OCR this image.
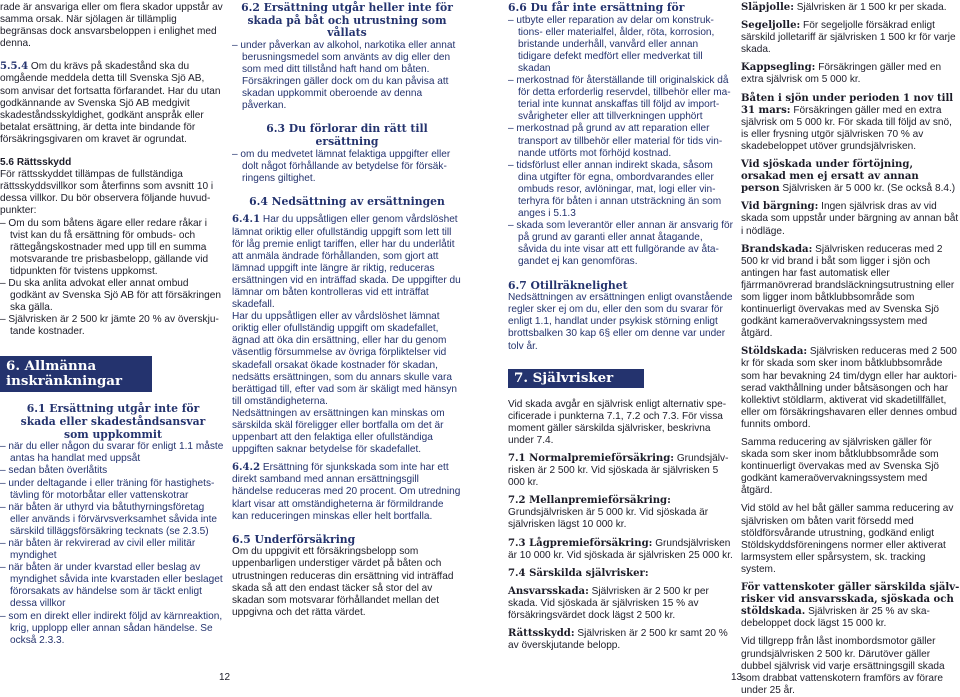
rade är ansvariga eller om flera skador uppstår av samma orsak. När sjölagen är tillämplig begränsas dock ansvarsbeloppen i enlighet med denna.

5.5.4 Om du krävs på skadestånd ska du omgående meddela detta till Svenska Sjö AB, som anvisar det fortsatta förfarandet. Har du utan godkännande av Svenska Sjö AB medgivit skadeståndsskyldighet, godkänt anspråk eller betalat ersättning, är detta inte bindande för försäkringsgivaren om kravet är ogrundat.

5.6 Rättsskydd

För rättsskyddet tillämpas de fullständiga rättsskyddsvillkor som återfinns som avsnitt 10 i dessa villkor. Du bör observera följande huvudpunkter:

– Om du som båtens ägare eller redare råkar i tvist kan du få ersättning för ombuds- och rättegångskostnader med upp till en summa motsvarande tre prisbasbelopp, gällande vid tidpunkten för tvistens uppkomst.

– Du ska anlita advokat eller annat ombud godkänt av Svenska Sjö AB för att försäkringen ska gälla.

– Självrisken är 2 500 kr jämte 20 % av överskjutande kostnader.

6. Allmänna inskränkningar

6.1 Ersättning utgår inte för skada eller skadeståndsansvar som uppkommit

– när du eller någon du svarar för enligt 1.1 måste antas ha handlat med uppsåt

– sedan båten överlåtits

– under deltagande i eller träning för hastighetstävling för motorbåtar eller vattenskotrar

– när båten är uthyrd via båtuthyrningsföretag eller används i förvärvsverksamhet såvida inte särskild tilläggsförsäkring tecknats (se 2.3.5)

– när båten är rekvirerad av civil eller militär myndighet

– när båten är under kvarstad eller beslag av myndighet såvida inte kvarstaden eller beslaget förorsakats av händelse som är täckt enligt dessa villkor

– som en direkt eller indirekt följd av kärnreaktion, krig, upplopp eller annan sådan händelse. Se också 2.3.3.

6.2 Ersättning utgår heller inte för skada på båt och utrustning som vållats

– under påverkan av alkohol, narkotika eller annat berusningsmedel som använts av dig eller den som med ditt tillstånd haft hand om båten. Försäkringen gäller dock om du kan påvisa att skadan uppkommit oberoende av denna påverkan.

6.3 Du förlorar din rätt till ersättning

– om du medvetet lämnat felaktiga uppgifter eller dolt något förhållande av betydelse för försäkringens giltighet.

6.4 Nedsättning av ersättningen

6.4.1 Har du uppsåtligen eller genom vårdslöshet lämnat oriktig eller ofullständig uppgift som lett till för låg premie enligt tariffen, eller har du underlåtit att anmäla ändrade förhållanden, som gjort att lämnad uppgift inte längre är riktig, reduceras ersättningen vid en inträffad skada. De uppgifter du lämnar om båten kontrolleras vid ett inträffat skadefall.

Har du uppsåtligen eller av vårdslöshet lämnat oriktig eller ofullständig uppgift om skadefallet, ägnad att öka din ersättning, eller har du genom väsentlig försummelse av övriga förpliktelser vid skadefall orsakat ökade kostnader för skadan, nedsätts ersättningen, som du annars skulle vara berättigad till, efter vad som är skäligt med hänsyn till omständigheterna.

Nedsättningen av ersättningen kan minskas om särskilda skäl föreligger eller bortfalla om det är uppenbart att den felaktiga eller ofullständiga uppgiften saknar betydelse för skadefallet.

6.4.2 Ersättning för sjunkskada som inte har ett direkt samband med annan ersättningsgill händelse reduceras med 20 procent. Om utredning klart visar att omständigheterna är förmildrande kan reduceringen minskas eller helt bortfalla.

6.5 Underförsäkring

Om du uppgivit ett försäkringsbelopp som uppenbarligen understiger värdet på båten och utrustningen reduceras din ersättning vid inträffad skada så att den endast täcker så stor del av skadan som motsvarar förhållandet mellan det uppgivna och det rätta värdet.

6.6 Du får inte ersättning för

– utbyte eller reparation av delar om konstruktions- eller materialfel, ålder, röta, korrosion, bristande underhåll, vanvård eller annan tidigare defekt medfört eller medverkat till skadan

– merkostnad för återställande till originalskick då för detta erforderlig reservdel, tillbehör eller material inte kunnat anskaffas till följd av importsvårigheter eller att tillverkningen upphört

– merkostnad på grund av att reparation eller transport av tillbehör eller material för tids vinnande utförts mot förhöjd kostnad.

– tidsförlust eller annan indirekt skada, såsom dina utgifter för egna, ombordvarandes eller ombuds resor, avlöningar, mat, logi eller vinterhyra för båten i annan utsträckning än som anges i 5.1.3

– skada som leverantör eller annan är ansvarig för på grund av garanti eller annat åtagande, såvida du inte visar att ett fullgörande av åtagandet ej kan genomföras.

6.7 Otillräknelighet

Nedsättningen av ersättningen enligt ovanstående regler sker ej om du, eller den som du svarar för enligt 1.1, handlat under psykisk störning enligt brottsbalken 30 kap 6§ eller om denne var under tolv år.

7. Självrisker

Vid skada avgår en självrisk enligt alternativ specificerade i punkterna 7.1, 7.2 och 7.3. För vissa moment gäller särskilda självrisker, beskrivna under 7.4.

7.1 Normalpremieförsäkring: Grundsjälvrisken är 2 500 kr. Vid sjöskada är självrisken 5 000 kr.

7.2 Mellanpremieförsäkring: Grundsjälvrisken är 5 000 kr. Vid sjöskada är självrisken lägst 10 000 kr.

7.3 Lågpremieförsäkring: Grundsjälvrisken är 10 000 kr. Vid sjöskada är självrisken 25 000 kr.

7.4 Särskilda självrisker:

Ansvarsskada: Självrisken är 2 500 kr per skada. Vid sjöskada är självrisken 15 % av försäkringsvärdet dock lägst 2 500 kr.

Rättsskydd: Självrisken är 2 500 kr samt 20 % av överskjutande belopp.

Släpjolle: Självrisken är 1 500 kr per skada.

Segeljolle: För segeljolle försäkrad enligt särskild jolletariff är självrisken 1 500 kr för varje skada.

Kappsegling: Försäkringen gäller med en extra självrisk om 5 000 kr.

Båten i sjön under perioden 1 nov till 31 mars: Försäkringen gäller med en extra självrisk om 5 000 kr. För skada till följd av snö, is eller frysning utgör självrisken 70 % av skadebeloppet utöver grundsjälvrisken.

Vid sjöskada under förtöjning, orsakad men ej ersatt av annan person Självrisken är 5 000 kr. (Se också 8.4.)

Vid bärgning: Ingen självrisk dras av vid skada som uppstår under bärgning av annan båt i nödläge.

Brandskada: Självrisken reduceras med 2 500 kr vid brand i båt som ligger i sjön och antingen har fast automatisk eller fjärrmanövrerad brandsläckningsutrustning eller som ligger inom båtklubbsområde som kontinuerligt övervakas med av Svenska Sjö godkänt kameraövervakningssystem med åtgärd.

Stöldskada: Självrisken reduceras med 2 500 kr för skada som sker inom båtklubbsområde som har bevakning 24 tim/dygn eller har auktoriserad vakthållning under båtsäsongen och har kollektivt stöldlarm, aktiverat vid skadetillfället, eller om försäkringshavaren eller dennes ombud funnits ombord.

Samma reducering av självrisken gäller för skada som sker inom båtklubbsområde som kontinuerligt övervakas med av Svenska Sjö godkänt kameraövervakningssystem med åtgärd.

Vid stöld av hel båt gäller samma reducering av självrisken om båten varit försedd med stöldförsvårande utrustning, godkänd enligt Stöldskyddsföreningens normer eller aktiverat larmsystem eller spårsystem, sk. tracking system.

För vattenskoter gäller särskilda självrisker vid ansvarsskada, sjöskada och stöldskada. Självrisken är 25 % av skadebeloppet dock lägst 15 000 kr.

Vid tillgrepp från låst inombordsmotor gäller grundsjälvrisken 2 500 kr. Därutöver gäller dubbel självrisk vid varje ersättningsgill skada som drabbat vattenskotern framförs av förare under 25 år.

12	13
